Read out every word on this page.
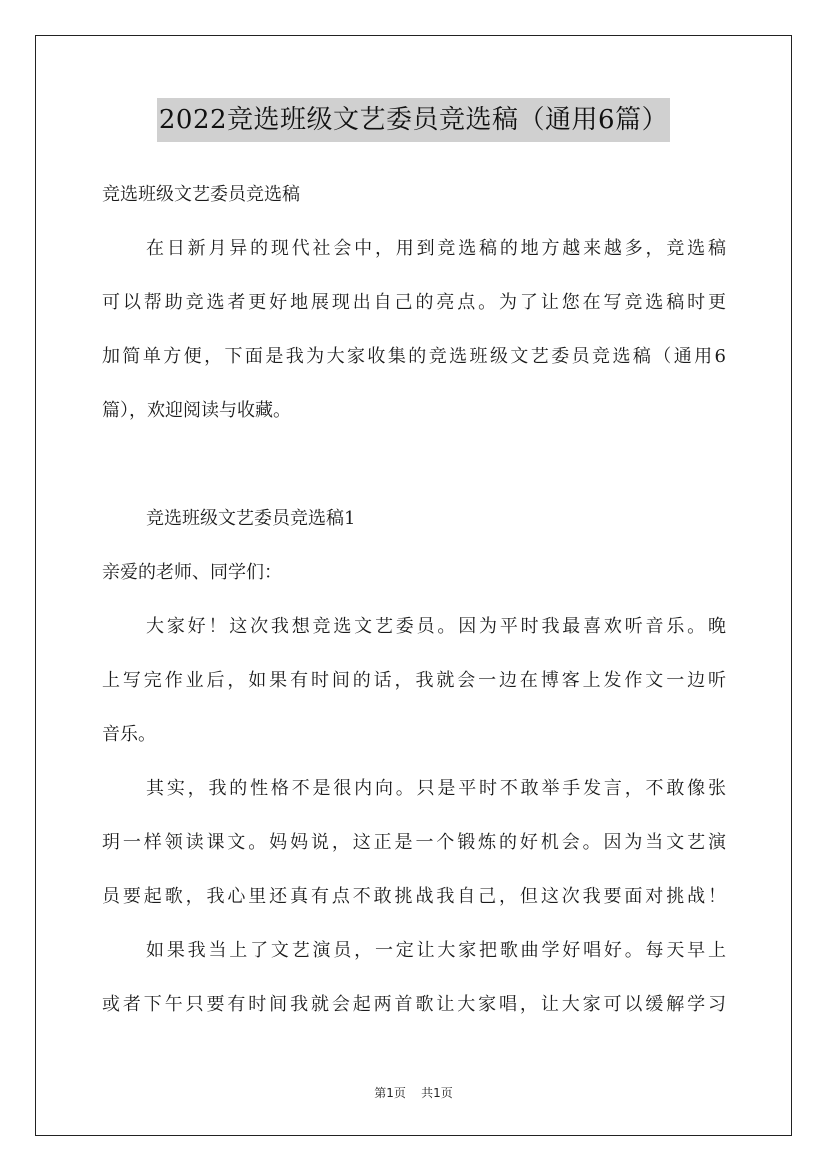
2022竞选班级文艺委员竞选稿（通用6篇）
竞选班级文艺委员竞选稿
在日新月异的现代社会中，用到竞选稿的地方越来越多，竞选稿
可以帮助竞选者更好地展现出自己的亮点。为了让您在写竞选稿时更
加简单方便，下面是我为大家收集的竞选班级文艺委员竞选稿（通用6
篇），欢迎阅读与收藏。
竞选班级文艺委员竞选稿1
亲爱的老师、同学们：
大家好！这次我想竞选文艺委员。因为平时我最喜欢听音乐。晚
上写完作业后，如果有时间的话，我就会一边在博客上发作文一边听
音乐。
其实，我的性格不是很内向。只是平时不敢举手发言，不敢像张
玥一样领读课文。妈妈说，这正是一个锻炼的好机会。因为当文艺演
员要起歌，我心里还真有点不敢挑战我自己，但这次我要面对挑战！
如果我当上了文艺演员，一定让大家把歌曲学好唱好。每天早上
或者下午只要有时间我就会起两首歌让大家唱，让大家可以缓解学习
第1页 共1页
